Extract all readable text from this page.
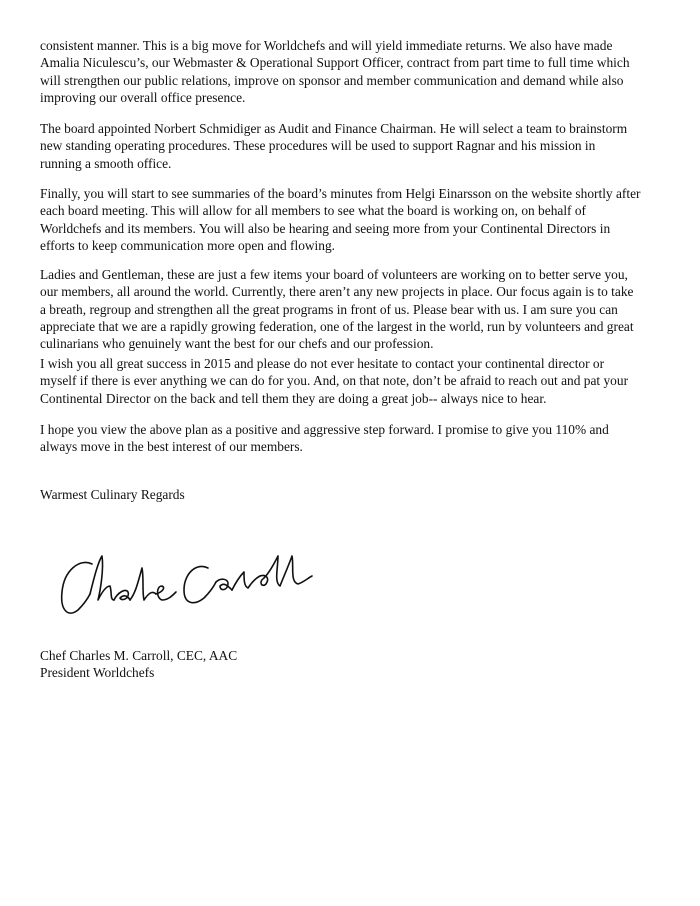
consistent manner. This is a big move for Worldchefs and will yield immediate returns. We also have made
Amalia Niculescu’s, our Webmaster & Operational Support Officer, contract from part time to full time which
will strengthen our public relations, improve on sponsor and member communication and demand while also
improving our overall office presence.
The board appointed Norbert Schmidiger as Audit and Finance Chairman. He will select a team to brainstorm
new standing operating procedures. These procedures will be used to support Ragnar and his mission in
running a smooth office.
Finally, you will start to see summaries of the board’s minutes from Helgi Einarsson on the website shortly after
each board meeting. This will allow for all members to see what the board is working on, on behalf of
Worldchefs and its members. You will also be hearing and seeing more from your Continental Directors in
efforts to keep communication more open and flowing.
Ladies and Gentleman, these are just a few items your board of volunteers are working on to better serve you,
our members, all around the world. Currently, there aren’t any new projects in place. Our focus again is to take
a breath, regroup and strengthen all the great programs in front of us. Please bear with us. I am sure you can
appreciate that we are a rapidly growing federation, one of the largest in the world, run by volunteers and great
culinarians who genuinely want the best for our chefs and our profession.
I wish you all great success in 2015 and please do not ever hesitate to contact your continental director or
myself if there is ever anything we can do for you. And, on that note, don’t be afraid to reach out and pat your
Continental Director on the back and tell them they are doing a great job-- always nice to hear.
I hope you view the above plan as a positive and aggressive step forward. I promise to give you 110% and
always move in the best interest of our members.
Warmest Culinary Regards
Chef Charles M. Carroll, CEC, AAC
President Worldchefs
